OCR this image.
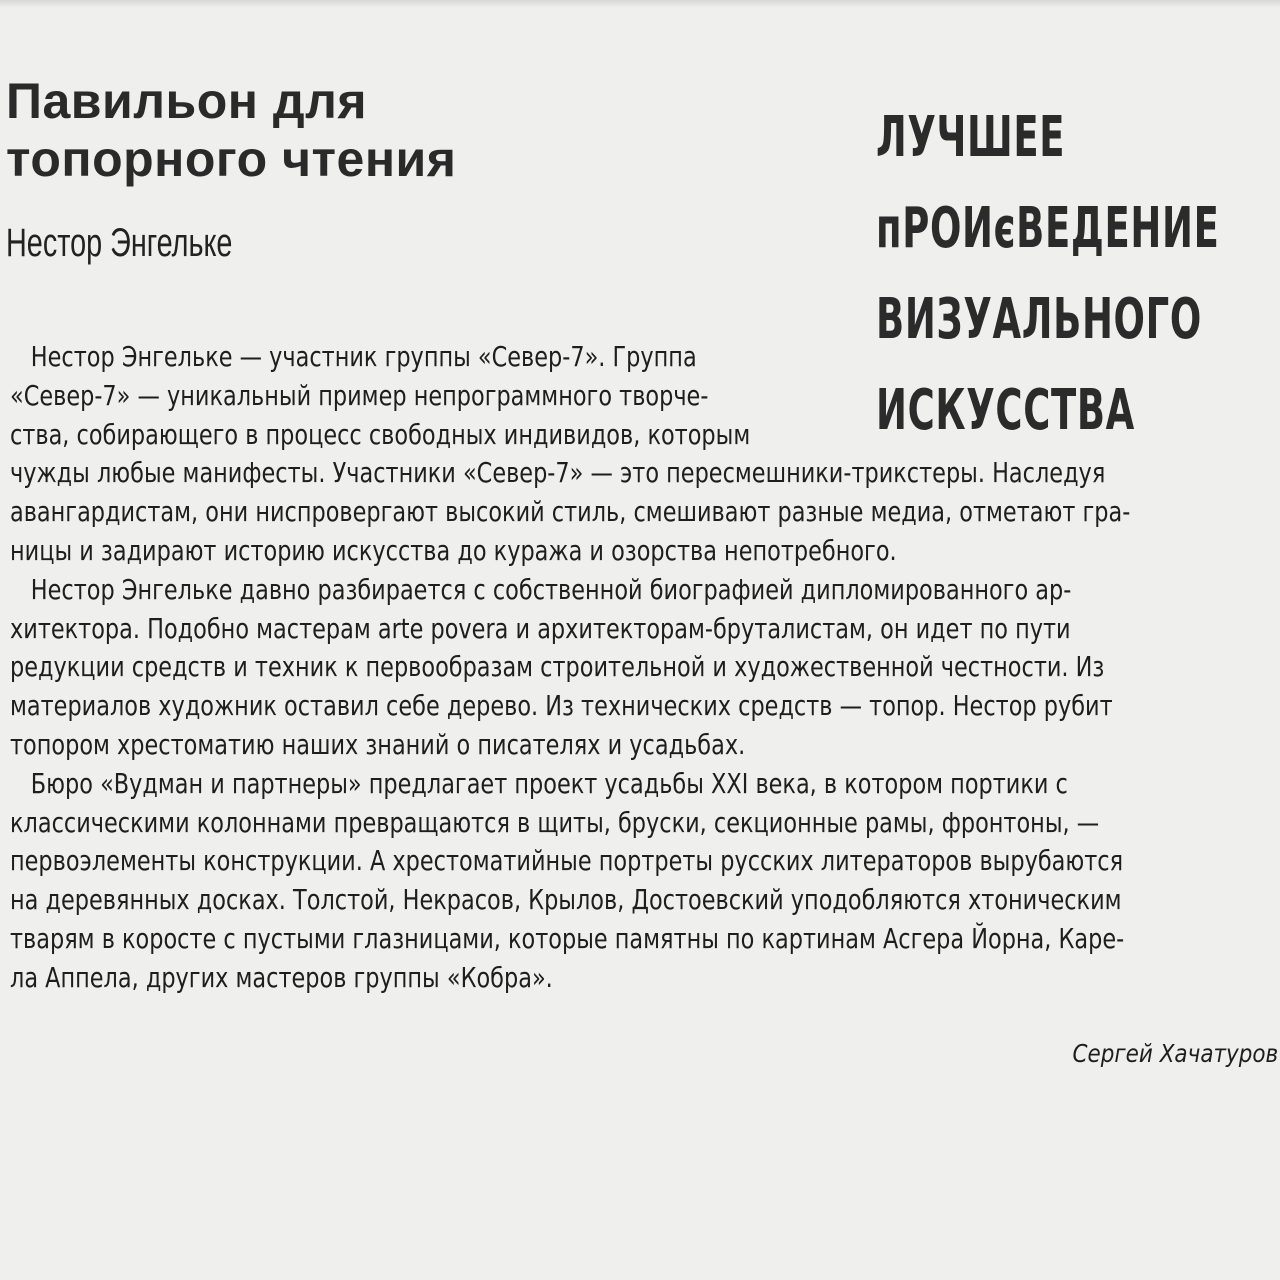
Павильон для
топорного чтения
Нестор Энгельке
ЛУЧШЕЕ
пРОИєВЕДЕНИЕ
ВИЗУАЛЬНОГО
ИСКУССТВА
Нестор Энгельке — участник группы «Север-7». Группа
«Север-7» — уникальный пример непрограммного творче-
ства, собирающего в процесс свободных индивидов, которым
чужды любые манифесты. Участники «Север-7» — это пересмешники-трикстеры. Наследуя
авангардистам, они ниспровергают высокий стиль, смешивают разные медиа, отметают гра-
ницы и задирают историю искусства до куража и озорства непотребного.
Нестор Энгельке давно разбирается с собственной биографией дипломированного ар-
хитектора. Подобно мастерам arte povera и архитекторам-бруталистам, он идет по пути
редукции средств и техник к первообразам строительной и художественной честности. Из
материалов художник оставил себе дерево. Из технических средств — топор. Нестор рубит
топором хрестоматию наших знаний о писателях и усадьбах.
Бюро «Вудман и партнеры» предлагает проект усадьбы XXI века, в котором портики с
классическими колоннами превращаются в щиты, бруски, секционные рамы, фронтоны, —
первоэлементы конструкции. А хрестоматийные портреты русских литераторов вырубаются
на деревянных досках. Толстой, Некрасов, Крылов, Достоевский уподобляются хтоническим
тварям в коросте с пустыми глазницами, которые памятны по картинам Асгера Йорна, Каре-
ла Аппела, других мастеров группы «Кобра».
Сергей Хачатуров
